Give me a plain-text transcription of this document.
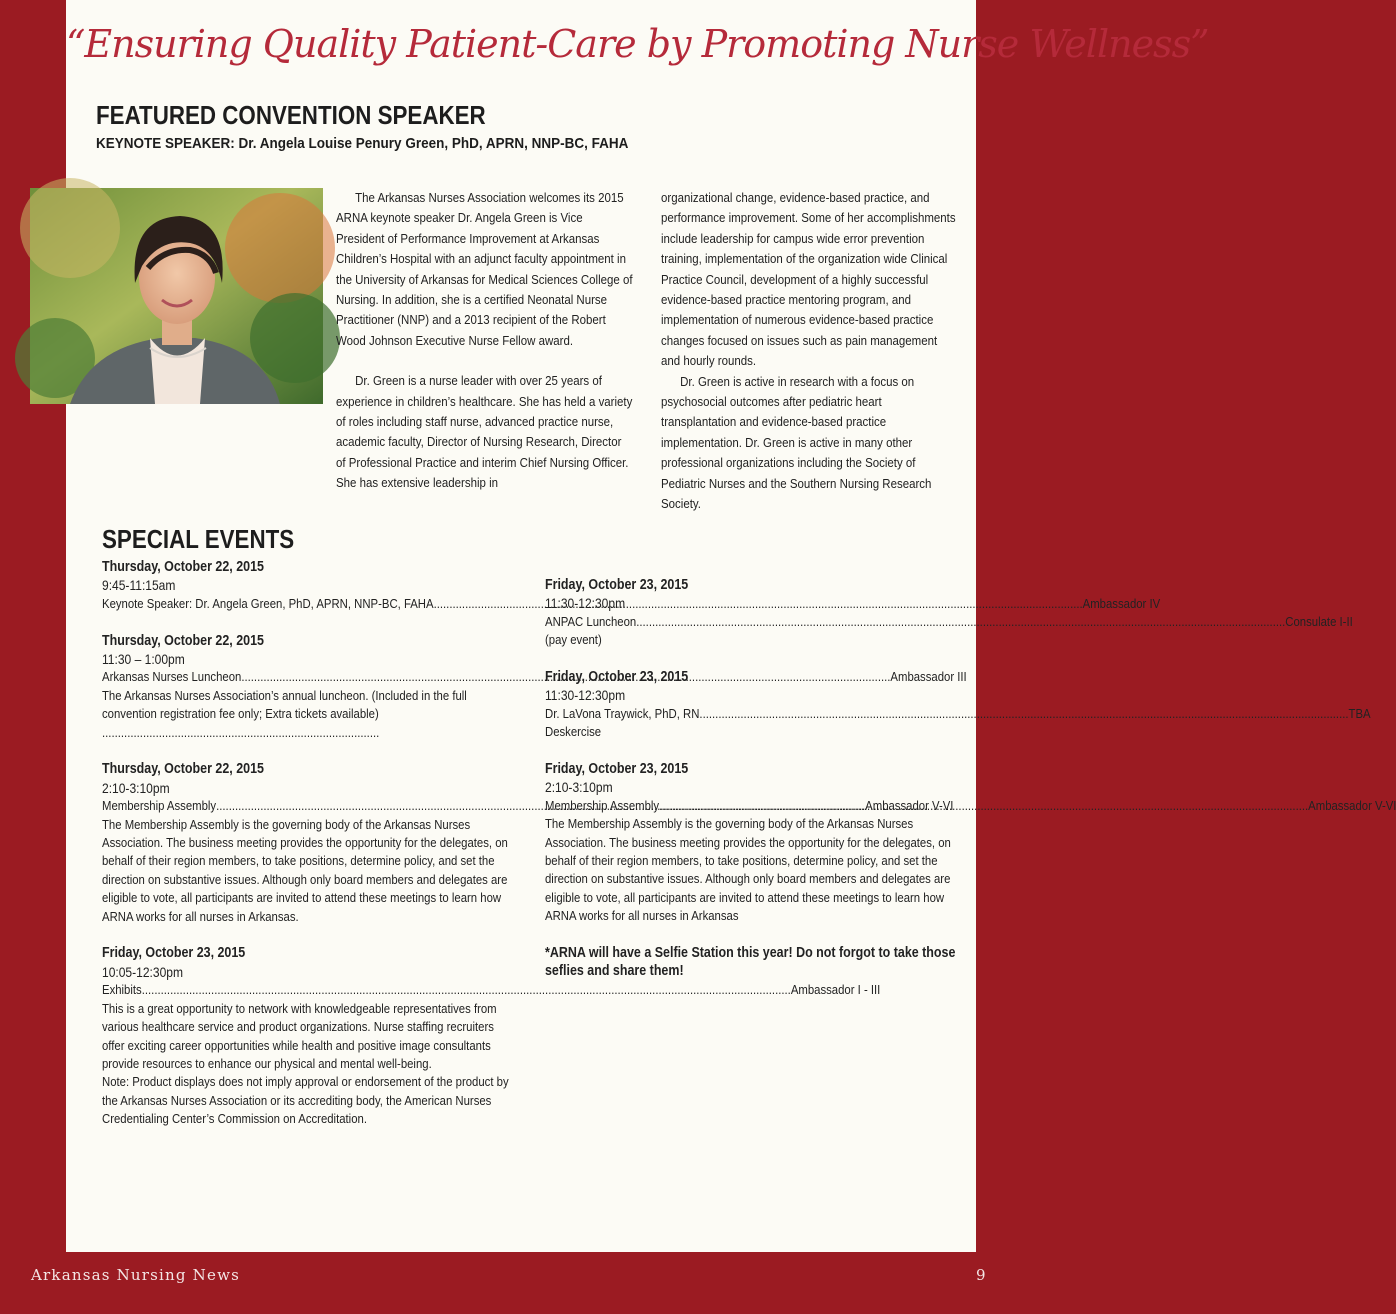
“Ensuring Quality Patient-Care by Promoting Nurse Wellness”
FEATURED CONVENTION SPEAKER
KEYNOTE SPEAKER: Dr. Angela Louise Penury Green, PhD, APRN, NNP-BC, FAHA

The Arkansas Nurses Association welcomes its 2015 ARNA keynote speaker Dr. Angela Green is Vice President of Performance Improvement at Arkansas Children’s Hospital with an adjunct faculty appointment in the University of Arkansas for Medical Sciences College of Nursing. In addition, she is a certified Neonatal Nurse Practitioner (NNP) and a 2013 recipient of the Robert Wood Johnson Executive Nurse Fellow award.

Dr. Green is a nurse leader with over 25 years of experience in children’s healthcare. She has held a variety of roles including staff nurse, advanced practice nurse, academic faculty, Director of Nursing Research, Director of Professional Practice and interim Chief Nursing Officer. She has extensive leadership in

organizational change, evidence-based practice, and performance improvement. Some of her accomplishments include leadership for campus wide error prevention training, implementation of the organization wide Clinical Practice Council, development of a highly successful evidence-based practice mentoring program, and implementation of numerous evidence-based practice changes focused on issues such as pain management and hourly rounds.

Dr. Green is active in research with a focus on psychosocial outcomes after pediatric heart transplantation and evidence-based practice implementation. Dr. Green is active in many other professional organizations including the Society of Pediatric Nurses and the Southern Nursing Research Society.

SPECIAL EVENTS
Thursday, October 22, 2015
9:45-11:15am
Keynote Speaker: Dr. Angela Green, PhD, APRN, NNP-BC, FAHA .....	Ambassador IV
Thursday, October 22, 2015
11:30 – 1:00pm
Arkansas Nurses Luncheon .....	Ambassador III

The Arkansas Nurses Association’s annual luncheon. (Included in the full convention registration fee only; Extra tickets available) ........................................................................................

Thursday, October 22, 2015
2:10-3:10pm
Membership Assembly .....	Ambassador V-VI

The Membership Assembly is the governing body of the Arkansas Nurses Association. The business meeting provides the opportunity for the delegates, on behalf of their region members, to take positions, determine policy, and set the direction on substantive issues. Although only board members and delegates are eligible to vote, all participants are invited to attend these meetings to learn how ARNA works for all nurses in Arkansas.

Friday, October 23, 2015
10:05-12:30pm
Exhibits .....	Ambassador I - III

This is a great opportunity to network with knowledgeable representatives from various healthcare service and product organizations. Nurse staffing recruiters offer exciting career opportunities while health and positive image consultants provide resources to enhance our physical and mental well-being.

Note: Product displays does not imply approval or endorsement of the product by the Arkansas Nurses Association or its accrediting body, the American Nurses Credentialing Center’s Commission on Accreditation.

Friday, October 23, 2015
11:30-12:30pm
ANPAC Luncheon .....	Consulate I-II

(pay event)

Friday, October 23, 2015
11:30-12:30pm
Dr. LaVona Traywick, PhD, RN .....	TBA

Deskercise

Friday, October 23, 2015
2:10-3:10pm
Membership Assembly .....	Ambassador V-VI

The Membership Assembly is the governing body of the Arkansas Nurses Association. The business meeting provides the opportunity for the delegates, on behalf of their region members, to take positions, determine policy, and set the direction on substantive issues. Although only board members and delegates are eligible to vote, all participants are invited to attend these meetings to learn how ARNA works for all nurses in Arkansas

*ARNA will have a Selfie Station this year! Do not forgot to take those seflies and share them!
Arkansas Nursing News	9
